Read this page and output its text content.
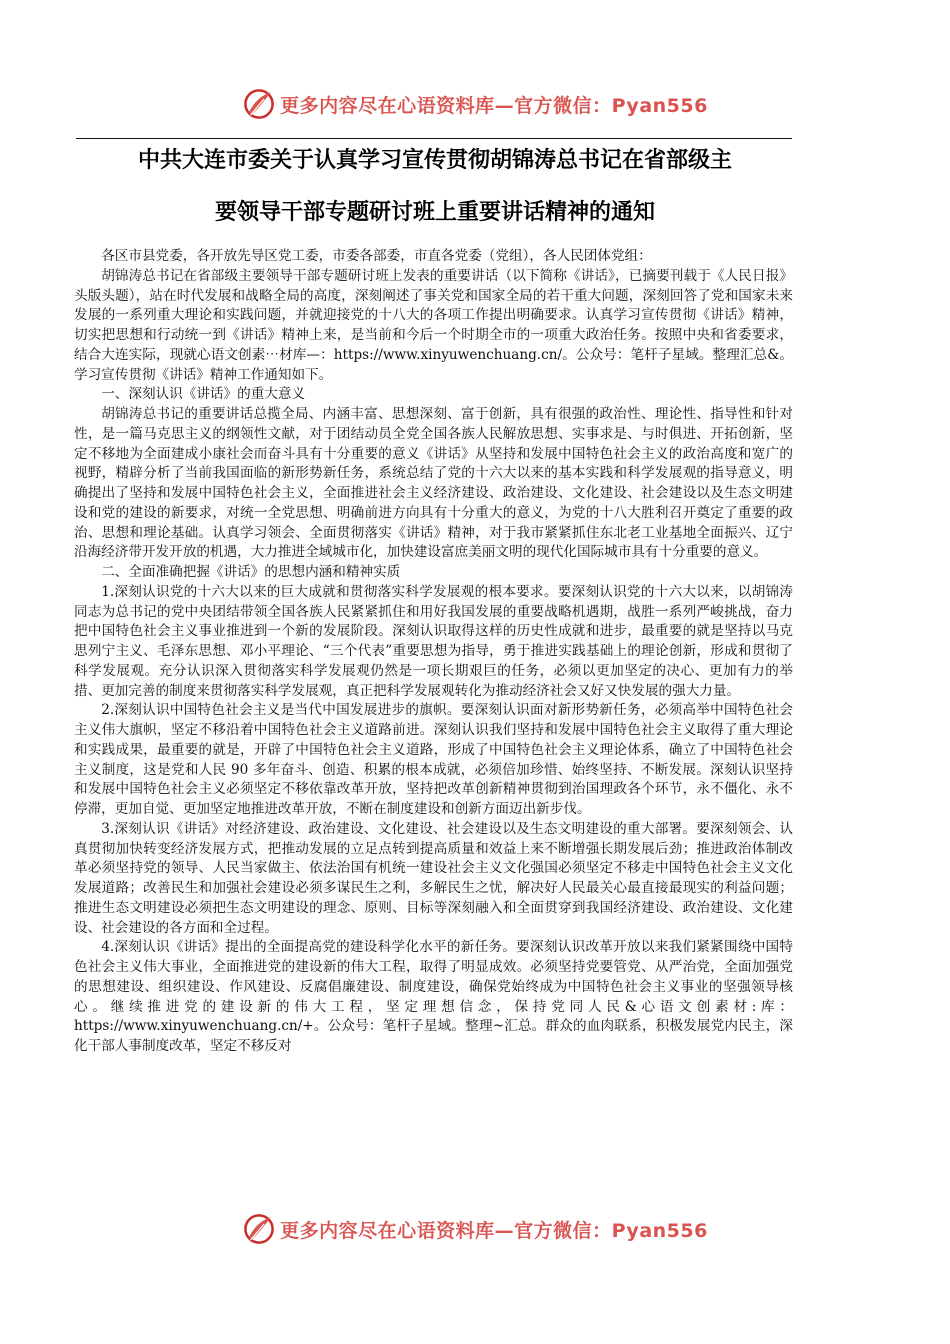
更多内容尽在心语资料库—官方微信：Pyan556
中共大连市委关于认真学习宣传贯彻胡锦涛总书记在省部级主
要领导干部专题研讨班上重要讲话精神的通知

各区市县党委，各开放先导区党工委，市委各部委，市直各党委（党组），各人民团体党组：

胡锦涛总书记在省部级主要领导干部专题研讨班上发表的重要讲话（以下简称《讲话》，已摘要刊载于《人民日报》头版头题），站在时代发展和战略全局的高度，深刻阐述了事关党和国家全局的若干重大问题，深刻回答了党和国家未来发展的一系列重大理论和实践问题，并就迎接党的十八大的各项工作提出明确要求。认真学习宣传贯彻《讲话》精神，切实把思想和行动统一到《讲话》精神上来，是当前和今后一个时期全市的一项重大政治任务。按照中央和省委要求，结合大连实际，现就心语文创素⋯材库—：https://www.xinyuwenchuang.cn/。公众号：笔杆子星域。整理汇总&。学习宣传贯彻《讲话》精神工作通知如下。

一、深刻认识《讲话》的重大意义

胡锦涛总书记的重要讲话总揽全局、内涵丰富、思想深刻、富于创新，具有很强的政治性、理论性、指导性和针对性，是一篇马克思主义的纲领性文献，对于团结动员全党全国各族人民解放思想、实事求是、与时俱进、开拓创新，坚定不移地为全面建成小康社会而奋斗具有十分重要的意义《讲话》从坚持和发展中国特色社会主义的政治高度和宽广的视野，精辟分析了当前我国面临的新形势新任务，系统总结了党的十六大以来的基本实践和科学发展观的指导意义，明确提出了坚持和发展中国特色社会主义，全面推进社会主义经济建设、政治建设、文化建设、社会建设以及生态文明建设和党的建设的新要求，对统一全党思想、明确前进方向具有十分重大的意义，为党的十八大胜利召开奠定了重要的政治、思想和理论基础。认真学习领会、全面贯彻落实《讲话》精神，对于我市紧紧抓住东北老工业基地全面振兴、辽宁沿海经济带开发开放的机遇，大力推进全域城市化，加快建设富庶美丽文明的现代化国际城市具有十分重要的意义。

二、全面准确把握《讲话》的思想内涵和精神实质

1.深刻认识党的十六大以来的巨大成就和贯彻落实科学发展观的根本要求。要深刻认识党的十六大以来，以胡锦涛同志为总书记的党中央团结带领全国各族人民紧紧抓住和用好我国发展的重要战略机遇期，战胜一系列严峻挑战，奋力把中国特色社会主义事业推进到一个新的发展阶段。深刻认识取得这样的历史性成就和进步，最重要的就是坚持以马克思列宁主义、毛泽东思想、邓小平理论、“三个代表”重要思想为指导，勇于推进实践基础上的理论创新，形成和贯彻了科学发展观。充分认识深入贯彻落实科学发展观仍然是一项长期艰巨的任务，必须以更加坚定的决心、更加有力的举措、更加完善的制度来贯彻落实科学发展观，真正把科学发展观转化为推动经济社会又好又快发展的强大力量。

2.深刻认识中国特色社会主义是当代中国发展进步的旗帜。要深刻认识面对新形势新任务，必须高举中国特色社会主义伟大旗帜，坚定不移沿着中国特色社会主义道路前进。深刻认识我们坚持和发展中国特色社会主义取得了重大理论和实践成果，最重要的就是，开辟了中国特色社会主义道路，形成了中国特色社会主义理论体系，确立了中国特色社会主义制度，这是党和人民 90 多年奋斗、创造、积累的根本成就，必须倍加珍惜、始终坚持、不断发展。深刻认识坚持和发展中国特色社会主义必须坚定不移依靠改革开放，坚持把改革创新精神贯彻到治国理政各个环节，永不僵化、永不停滞，更加自觉、更加坚定地推进改革开放，不断在制度建设和创新方面迈出新步伐。

3.深刻认识《讲话》对经济建设、政治建设、文化建设、社会建设以及生态文明建设的重大部署。要深刻领会、认真贯彻加快转变经济发展方式，把推动发展的立足点转到提高质量和效益上来不断增强长期发展后劲；推进政治体制改革必须坚持党的领导、人民当家做主、依法治国有机统一建设社会主义文化强国必须坚定不移走中国特色社会主义文化发展道路；改善民生和加强社会建设必须多谋民生之利，多解民生之忧，解决好人民最关心最直接最现实的利益问题；推进生态文明建设必须把生态文明建设的理念、原则、目标等深刻融入和全面贯穿到我国经济建设、政治建设、文化建设、社会建设的各方面和全过程。

4.深刻认识《讲话》提出的全面提高党的建设科学化水平的新任务。要深刻认识改革开放以来我们紧紧围绕中国特色社会主义伟大事业，全面推进党的建设新的伟大工程，取得了明显成效。必须坚持党要管党、从严治党，全面加强党的思想建设、组织建设、作风建设、反腐倡廉建设、制度建设，确保党始终成为中国特色社会主义事业的坚强领导核心。继续推进党的建设新的伟大工程，坚定理想信念，保持党同人民&心语文创素材:库：https://www.xinyuwenchuang.cn/+。公众号：笔杆子星域。整理~汇总。群众的血肉联系，积极发展党内民主，深化干部人事制度改革，坚定不移反对

更多内容尽在心语资料库—官方微信：Pyan556
